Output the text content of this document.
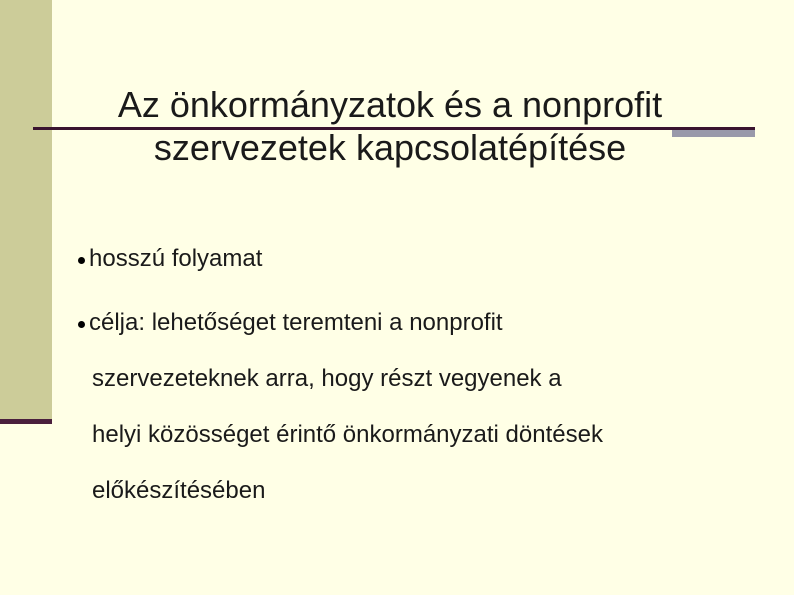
Az önkormányzatok és a nonprofit
szervezetek kapcsolatépítése
hosszú folyamat
célja: lehetőséget teremteni a nonprofit
szervezeteknek arra, hogy részt vegyenek a
helyi közösséget érintő önkormányzati döntések
előkészítésében
